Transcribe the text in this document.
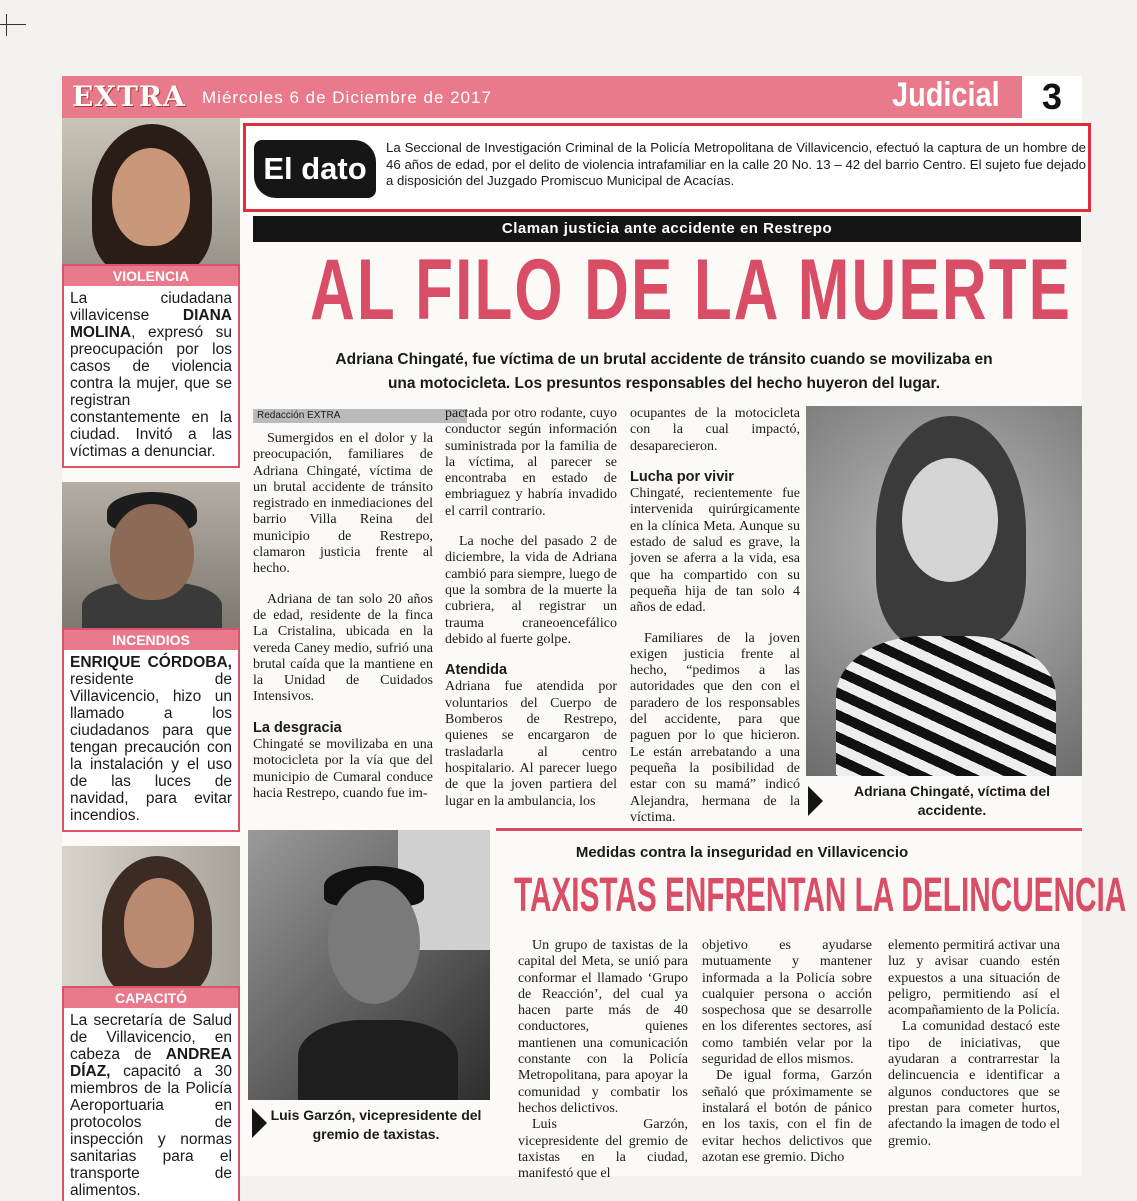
EXTRA Miércoles 6 de Diciembre de 2017	Judicial	3
VIOLENCIA

La ciudadana villavicense DIANA MOLINA, expresó su preocupación por los casos de violencia contra la mujer, que se registran constantemente en la ciudad. Invitó a las víctimas a denunciar.

INCENDIOS

ENRIQUE CÓRDOBA, residente de Villavicencio, hizo un llamado a los ciudadanos para que tengan precaución con la instalación y el uso de las luces de navidad, para evitar incendios.

CAPACITÓ

La secretaría de Salud de Villavicencio, en cabeza de ANDREA DÍAZ, capacitó a 30 miembros de la Policía Aeroportuaria en protocolos de inspección y normas sanitarias para el transporte de alimentos.

El dato
La Seccional de Investigación Criminal de la Policía Metropolitana de Villavicencio, efectuó la captura de un hombre de 46 años de edad, por el delito de violencia intrafamiliar en la calle 20 No. 13 – 42 del barrio Centro. El sujeto fue dejado a disposición del Juzgado Promiscuo Municipal de Acacías.
Claman justicia ante accidente en Restrepo
AL FILO DE LA MUERTE
Adriana Chingaté, fue víctima de un brutal accidente de tránsito cuando se movilizaba en una motocicleta. Los presuntos responsables del hecho huyeron del lugar.
Redacción EXTRA

Sumergidos en el dolor y la preocupación, familiares de Adriana Chingaté, víctima de un brutal accidente de tránsito registrado en inmediaciones del barrio Villa Reina del municipio de Restrepo, clamaron justicia frente al hecho.

Adriana de tan solo 20 años de edad, residente de la finca La Cristalina, ubicada en la vereda Caney medio, sufrió una brutal caída que la mantiene en la Unidad de Cuidados Intensivos.

La desgracia

Chingaté se movilizaba en una motocicleta por la vía que del municipio de Cumaral conduce hacia Restrepo, cuando fue im-

pactada por otro rodante, cuyo conductor según información suministrada por la familia de la víctima, al parecer se encontraba en estado de embriaguez y habría invadido el carril contrario.

La noche del pasado 2 de diciembre, la vida de Adriana cambió para siempre, luego de que la sombra de la muerte la cubriera, al registrar un trauma craneoencefálico debido al fuerte golpe.

Atendida

Adriana fue atendida por voluntarios del Cuerpo de Bomberos de Restrepo, quienes se encargaron de trasladarla al centro hospitalario. Al parecer luego de que la joven partiera del lugar en la ambulancia, los

ocupantes de la motocicleta con la cual impactó, desaparecieron.

Lucha por vivir

Chingaté, recientemente fue intervenida quirúrgicamente en la clínica Meta. Aunque su estado de salud es grave, la joven se aferra a la vida, esa que ha compartido con su pequeña hija de tan solo 4 años de edad.

Familiares de la joven exigen justicia frente al hecho, “pedimos a las autoridades que den con el paradero de los responsables del accidente, para que paguen por lo que hicieron. Le están arrebatando a una pequeña la posibilidad de estar con su mamá” indicó Alejandra, hermana de la víctima.

Adriana Chingaté, víctima del accidente.
Luis Garzón, vicepresidente del gremio de taxistas.
Medidas contra la inseguridad en Villavicencio
TAXISTAS ENFRENTAN LA DELINCUENCIA

Un grupo de taxistas de la capital del Meta, se unió para conformar el llamado ‘Grupo de Reacción’, del cual ya hacen parte más de 40 conductores, quienes mantienen una comunicación constante con la Policía Metropolitana, para apoyar la comunidad y combatir los hechos delictivos.

Luis Garzón, vicepresidente del gremio de taxistas en la ciudad, manifestó que el

objetivo es ayudarse mutuamente y mantener informada a la Policía sobre cualquier persona o acción sospechosa que se desarrolle en los diferentes sectores, así como también velar por la seguridad de ellos mismos.

De igual forma, Garzón señaló que próximamente se instalará el botón de pánico en los taxis, con el fin de evitar hechos delictivos que azotan ese gremio. Dicho

elemento permitirá activar una luz y avisar cuando estén expuestos a una situación de peligro, permitiendo así el acompañamiento de la Policía.

La comunidad destacó este tipo de iniciativas, que ayudaran a contrarrestar la delincuencia e identificar a algunos conductores que se prestan para cometer hurtos, afectando la imagen de todo el gremio.
